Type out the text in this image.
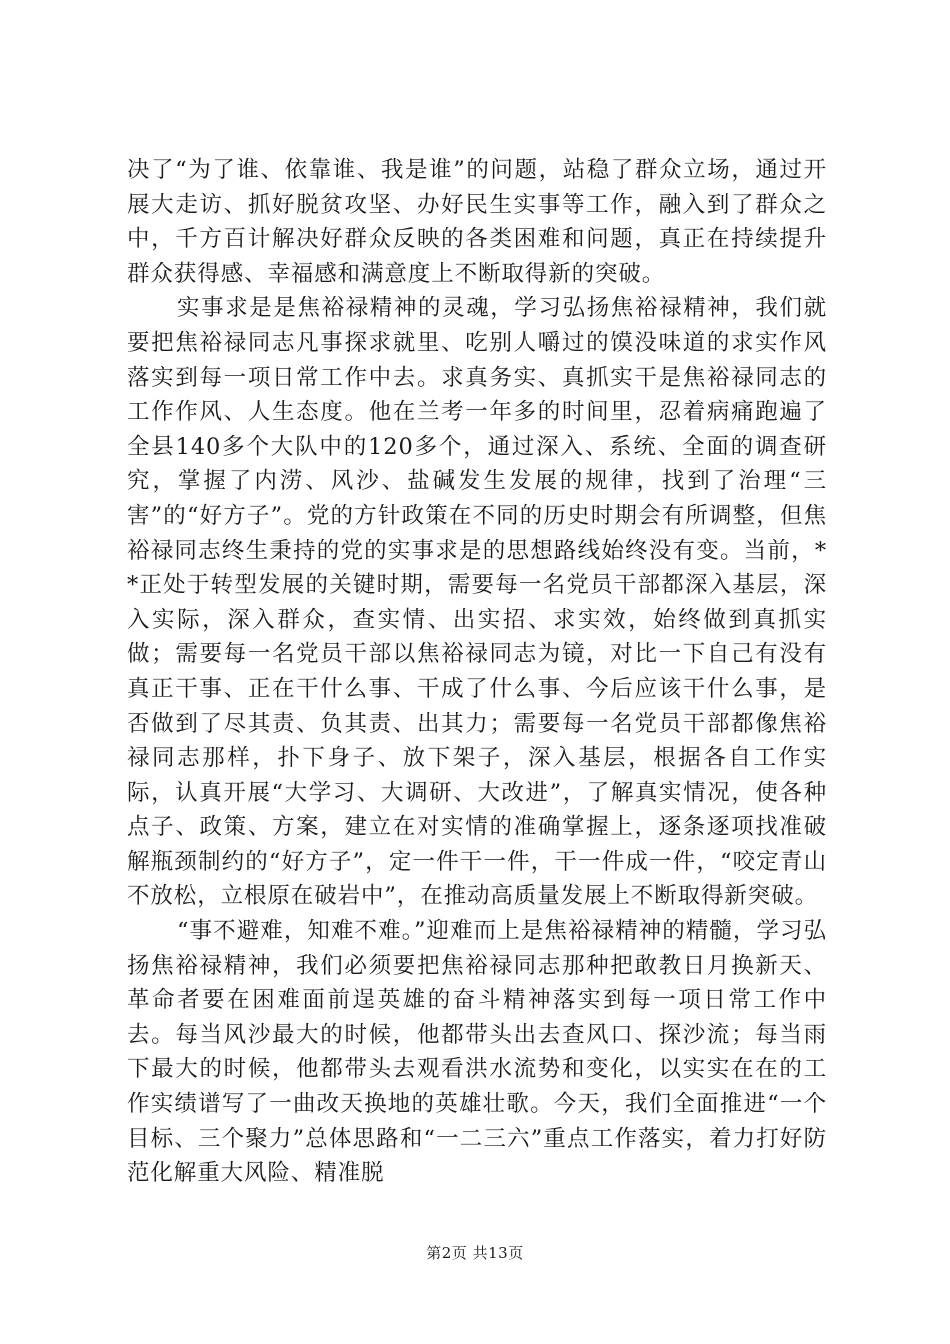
决了“为了谁、依靠谁、我是谁”的问题，站稳了群众立场，通过开展大走访、抓好脱贫攻坚、办好民生实事等工作，融入到了群众之中，千方百计解决好群众反映的各类困难和问题，真正在持续提升群众获得感、幸福感和满意度上不断取得新的突破。

实事求是是焦裕禄精神的灵魂，学习弘扬焦裕禄精神，我们就要把焦裕禄同志凡事探求就里、吃别人嚼过的馍没味道的求实作风落实到每一项日常工作中去。求真务实、真抓实干是焦裕禄同志的工作作风、人生态度。他在兰考一年多的时间里，忍着病痛跑遍了全县140多个大队中的120多个，通过深入、系统、全面的调查研究，掌握了内涝、风沙、盐碱发生发展的规律，找到了治理“三害”的“好方子”。党的方针政策在不同的历史时期会有所调整，但焦裕禄同志终生秉持的党的实事求是的思想路线始终没有变。当前，**正处于转型发展的关键时期，需要每一名党员干部都深入基层，深入实际，深入群众，查实情、出实招、求实效，始终做到真抓实做；需要每一名党员干部以焦裕禄同志为镜，对比一下自己有没有真正干事、正在干什么事、干成了什么事、今后应该干什么事，是否做到了尽其责、负其责、出其力；需要每一名党员干部都像焦裕禄同志那样，扑下身子、放下架子，深入基层，根据各自工作实际，认真开展“大学习、大调研、大改进”，了解真实情况，使各种点子、政策、方案，建立在对实情的准确掌握上，逐条逐项找准破解瓶颈制约的“好方子”，定一件干一件，干一件成一件，“咬定青山不放松，立根原在破岩中”，在推动高质量发展上不断取得新突破。

“事不避难，知难不难。”迎难而上是焦裕禄精神的精髓，学习弘扬焦裕禄精神，我们必须要把焦裕禄同志那种把敢教日月换新天、革命者要在困难面前逞英雄的奋斗精神落实到每一项日常工作中去。每当风沙最大的时候，他都带头出去查风口、探沙流；每当雨下最大的时候，他都带头去观看洪水流势和变化，以实实在在的工作实绩谱写了一曲改天换地的英雄壮歌。今天，我们全面推进“一个目标、三个聚力”总体思路和“一二三六”重点工作落实，着力打好防范化解重大风险、精准脱

第2页 共13页
